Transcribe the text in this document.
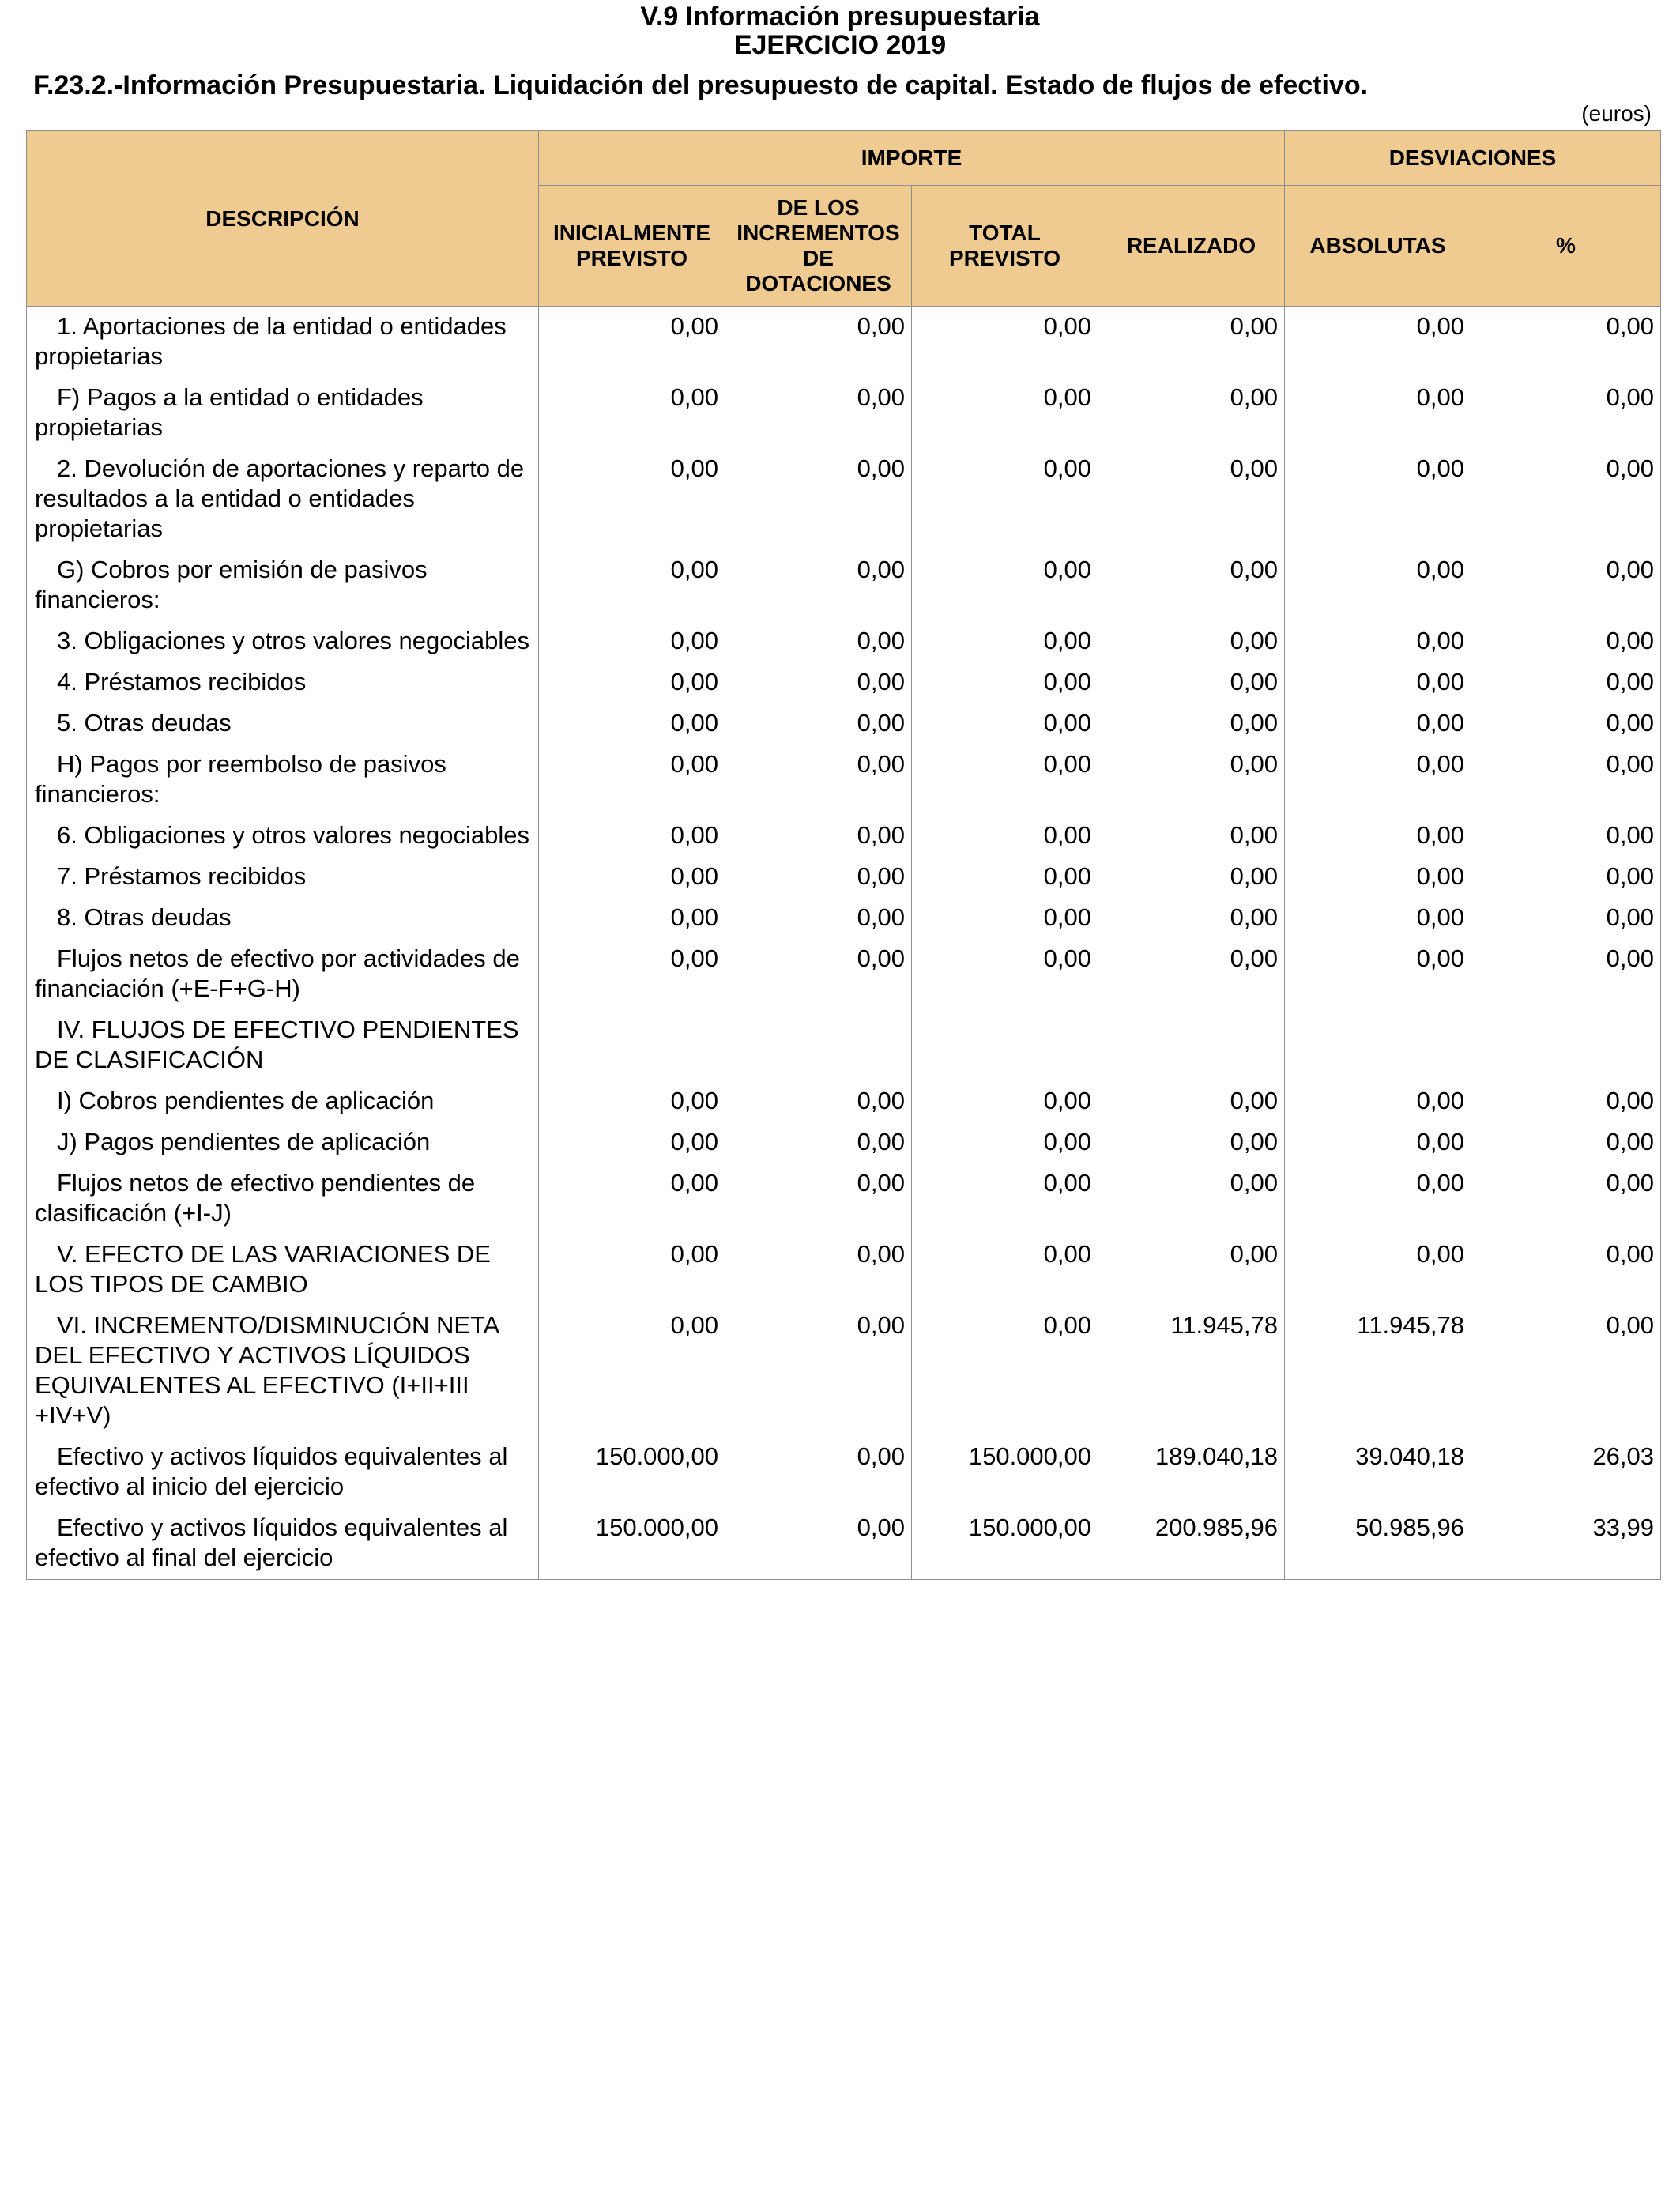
V.9 Información presupuestaria
EJERCICIO 2019
F.23.2.-Información Presupuestaria. Liquidación del presupuesto de capital. Estado de flujos de efectivo.
(euros)
DESCRIPCIÓN	IMPORTE				DESVIACIONES	
	INICIALMENTE PREVISTO	DE LOS INCREMENTOS DE DOTACIONES	TOTAL PREVISTO	REALIZADO	ABSOLUTAS	%

1. Aportaciones de la entidad o entidades propietarias	0,00	0,00	0,00	0,00	0,00	0,00

F) Pagos a la entidad o entidades propietarias	0,00	0,00	0,00	0,00	0,00	0,00

2. Devolución de aportaciones y reparto de resultados a la entidad o entidades propietarias	0,00	0,00	0,00	0,00	0,00	0,00

G) Cobros por emisión de pasivos financieros:	0,00	0,00	0,00	0,00	0,00	0,00

3. Obligaciones y otros valores negociables	0,00	0,00	0,00	0,00	0,00	0,00

4. Préstamos recibidos	0,00	0,00	0,00	0,00	0,00	0,00

5. Otras deudas	0,00	0,00	0,00	0,00	0,00	0,00

H) Pagos por reembolso de pasivos financieros:	0,00	0,00	0,00	0,00	0,00	0,00

6. Obligaciones y otros valores negociables	0,00	0,00	0,00	0,00	0,00	0,00

7. Préstamos recibidos	0,00	0,00	0,00	0,00	0,00	0,00

8. Otras deudas	0,00	0,00	0,00	0,00	0,00	0,00

Flujos netos de efectivo por actividades de financiación (+E-F+G-H)	0,00	0,00	0,00	0,00	0,00	0,00

IV. FLUJOS DE EFECTIVO PENDIENTES DE CLASIFICACIÓN						

I) Cobros pendientes de aplicación	0,00	0,00	0,00	0,00	0,00	0,00

J) Pagos pendientes de aplicación	0,00	0,00	0,00	0,00	0,00	0,00

Flujos netos de efectivo pendientes de clasificación (+I-J)	0,00	0,00	0,00	0,00	0,00	0,00

V. EFECTO DE LAS VARIACIONES DE LOS TIPOS DE CAMBIO	0,00	0,00	0,00	0,00	0,00	0,00

VI. INCREMENTO/DISMINUCIÓN NETA DEL EFECTIVO Y ACTIVOS LÍQUIDOS EQUIVALENTES AL EFECTIVO (I+II+III +IV+V)	0,00	0,00	0,00	11.945,78	11.945,78	0,00

Efectivo y activos líquidos equivalentes al efectivo al inicio del ejercicio	150.000,00	0,00	150.000,00	189.040,18	39.040,18	26,03

Efectivo y activos líquidos equivalentes al efectivo al final del ejercicio	150.000,00	0,00	150.000,00	200.985,96	50.985,96	33,99
